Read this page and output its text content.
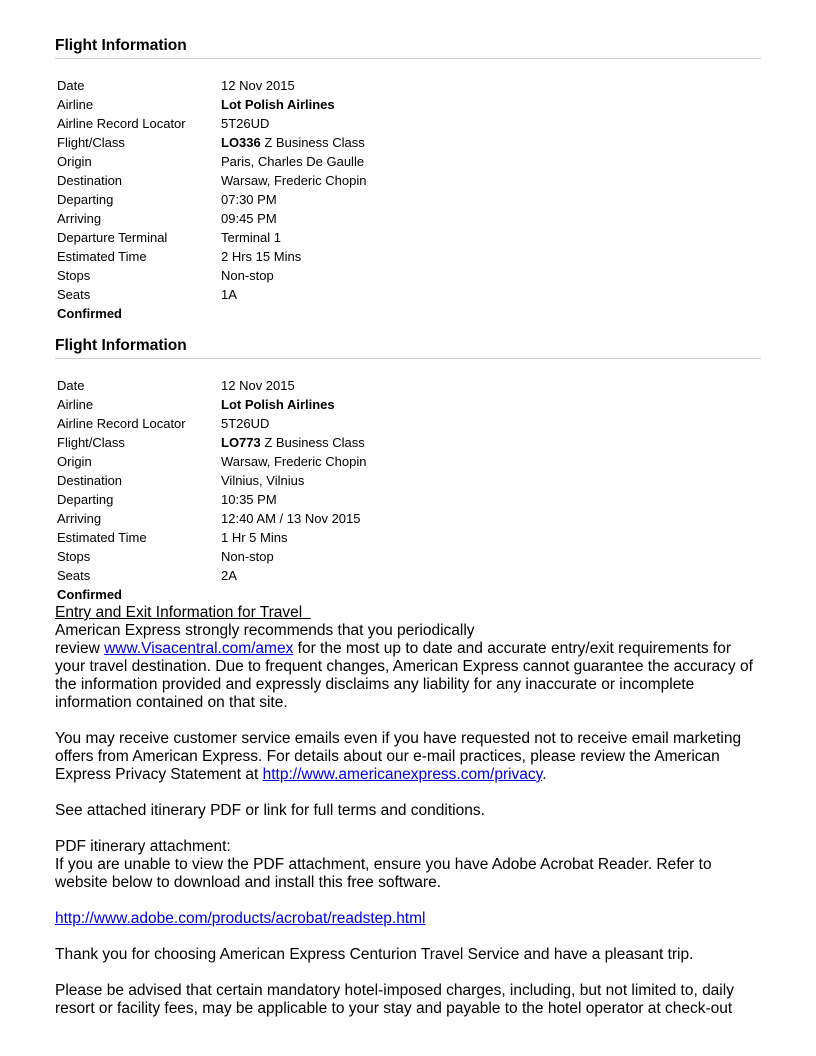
Flight Information
Date	12 Nov 2015
Airline	Lot Polish Airlines
Airline Record Locator	5T26UD
Flight/Class	LO336 Z Business Class
Origin	Paris, Charles De Gaulle
Destination	Warsaw, Frederic Chopin
Departing	07:30 PM
Arriving	09:45 PM
Departure Terminal	Terminal 1
Estimated Time	2 Hrs 15 Mins
Stops	Non-stop
Seats	1A
Confirmed
Flight Information
Date	12 Nov 2015
Airline	Lot Polish Airlines
Airline Record Locator	5T26UD
Flight/Class	LO773 Z Business Class
Origin	Warsaw, Frederic Chopin
Destination	Vilnius, Vilnius
Departing	10:35 PM
Arriving	12:40 AM / 13 Nov 2015
Estimated Time	1 Hr 5 Mins
Stops	Non-stop
Seats	2A
Confirmed
Entry and Exit Information for Travel

American Express strongly recommends that you periodically
review www.Visacentral.com/amex for the most up to date and accurate entry/exit requirements for your travel destination. Due to frequent changes, American Express cannot guarantee the accuracy of the information provided and expressly disclaims any liability for any inaccurate or incomplete information contained on that site.

You may receive customer service emails even if you have requested not to receive email marketing offers from American Express. For details about our e-mail practices, please review the American Express Privacy Statement at http://www.americanexpress.com/privacy.

See attached itinerary PDF or link for full terms and conditions.

PDF itinerary attachment:
If you are unable to view the PDF attachment, ensure you have Adobe Acrobat Reader. Refer to website below to download and install this free software.

http://www.adobe.com/products/acrobat/readstep.html

Thank you for choosing American Express Centurion Travel Service and have a pleasant trip.

Please be advised that certain mandatory hotel-imposed charges, including, but not limited to, daily resort or facility fees, may be applicable to your stay and payable to the hotel operator at check-out
